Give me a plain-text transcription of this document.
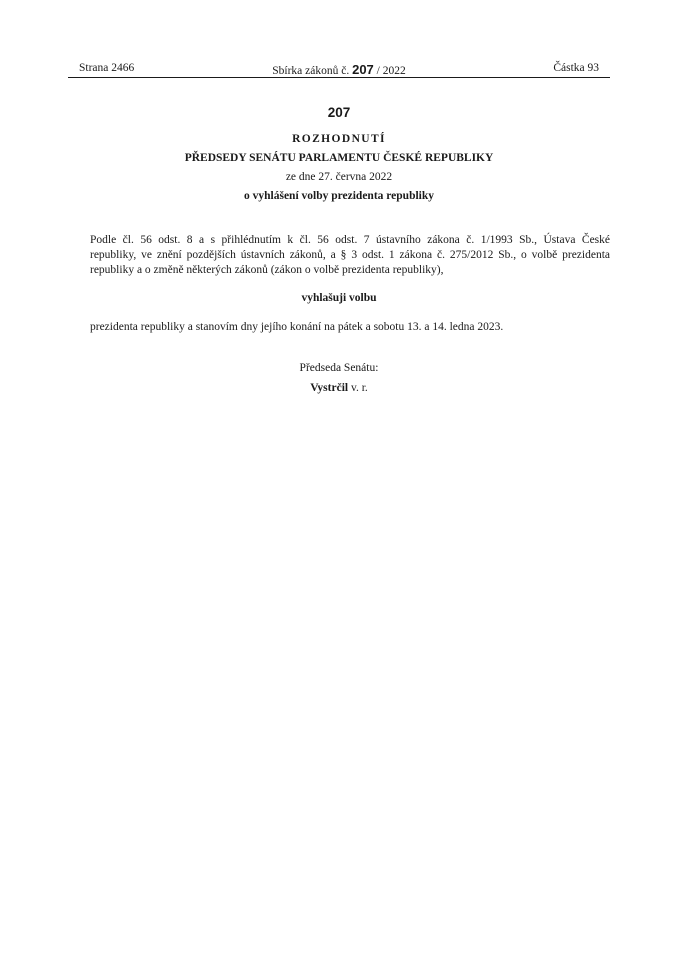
Strana 2466	Sbírka zákonů č. 207 / 2022	Částka 93
207
ROZHODNUTÍ
PŘEDSEDY SENÁTU PARLAMENTU ČESKÉ REPUBLIKY
ze dne 27. června 2022
o vyhlášení volby prezidenta republiky
Podle čl. 56 odst. 8 a s přihlédnutím k čl. 56 odst. 7 ústavního zákona č. 1/1993 Sb., Ústava České
republiky, ve znění pozdějších ústavních zákonů, a § 3 odst. 1 zákona č. 275/2012 Sb., o volbě prezidenta
republiky a o změně některých zákonů (zákon o volbě prezidenta republiky),
vyhlašuji volbu
prezidenta republiky a stanovím dny jejího konání na pátek a sobotu 13. a 14. ledna 2023.
Předseda Senátu:
Vystrčil v. r.
